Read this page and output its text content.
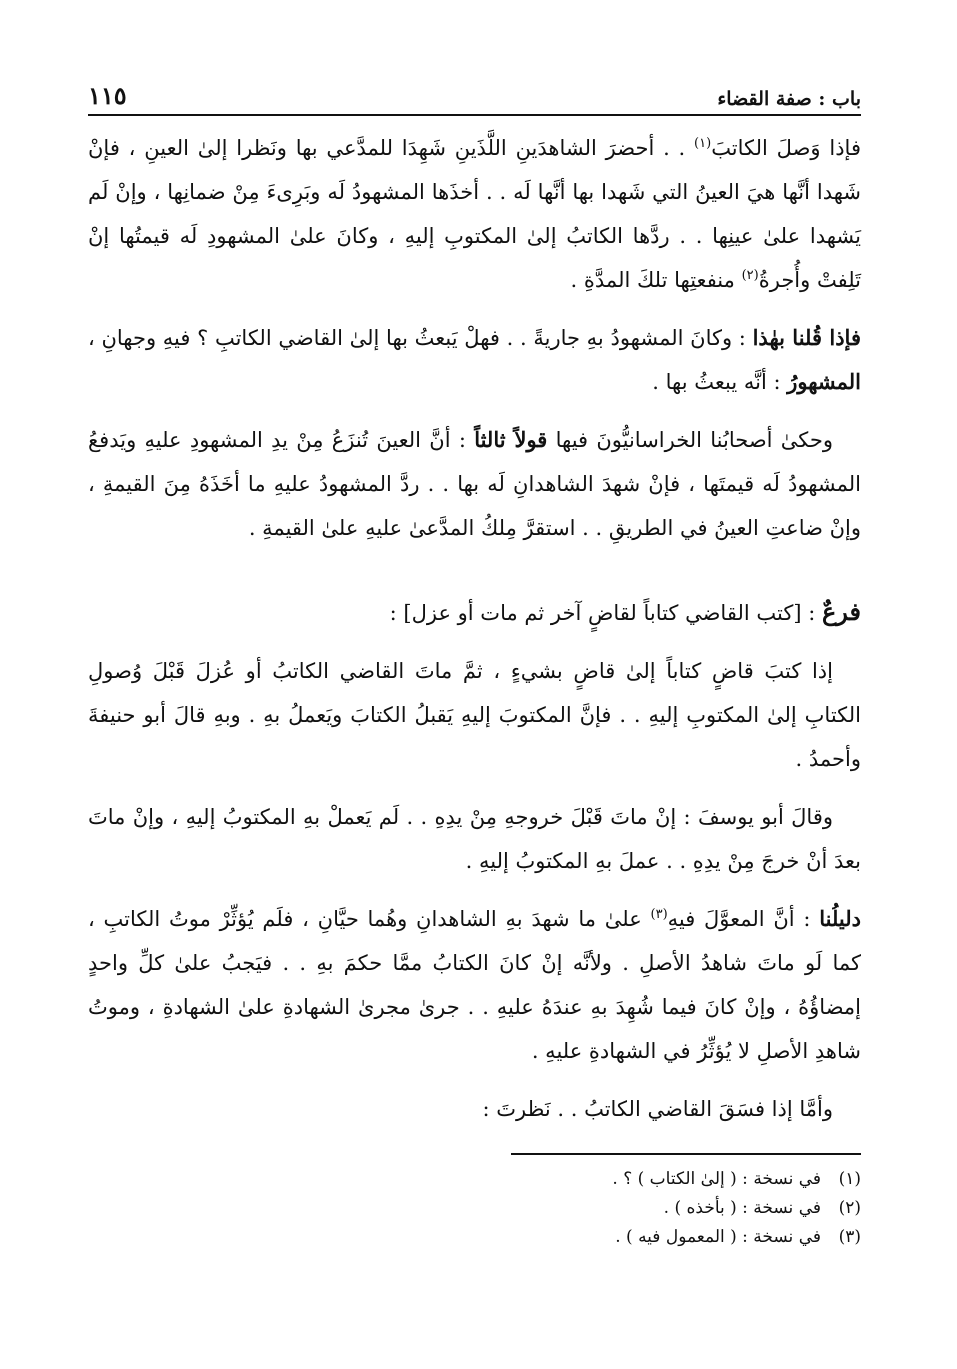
باب : صفة القضاء
١١٥

فإذا وَصلَ الكاتبَ$^{(١)}$ . . أحضرَ الشاهدَينِ اللَّذَينِ شَهِدَا للمدَّعي بها ونَظرا إلىٰ العينِ ، فإنْ شَهدا أنَّها هيَ العينُ التي شَهدا بها أنَّها لَه . . أخذَها المشهودُ لَه وبَرِىءَ مِنْ ضمانِها ، وإنْ لَم يَشهدا علىٰ عينِها . . ردَّها الكاتبُ إلىٰ المكتوبِ إليهِ ، وكانَ علىٰ المشهودِ لَه قيمتُها إنْ تَلِفتْ وأُجرةُ$^{(٢)}$ منفعتِها تلكَ المدَّةِ .

فإذا قُلنا بهٰذا : وكانَ المشهودُ بهِ جاريةً . . فهلْ يَبعثُ بها إلىٰ القاضي الكاتبِ ؟ فيهِ وجهانِ ، المشهورُ : أنَّه يبعثُ بها .

وحكىٰ أصحابُنا الخراسانيُّونَ فيها قولاً ثالثاً : أنَّ العينَ تُنزَعُ مِنْ يدِ المشهودِ عليهِ ويَدفعُ المشهودُ لَه قيمتَها ، فإنْ شهدَ الشاهدانِ لَه بها . . ردَّ المشهودُ عليهِ ما أخَذَهُ مِنَ القيمةِ ، وإنْ ضاعتِ العينُ في الطريقِ . . استقرَّ مِلكُ المدَّعىٰ عليهِ علىٰ القيمةِ .

فرعٌ : [كتب القاضي كتاباً لقاضٍ آخر ثم مات أو عزل] :

إذا كتبَ قاضٍ كتاباً إلىٰ قاضٍ بشيءٍ ، ثمَّ ماتَ القاضي الكاتبُ أو عُزلَ قَبْلَ وُصولِ الكتابِ إلىٰ المكتوبِ إليهِ . . فإنَّ المكتوبَ إليهِ يَقبلُ الكتابَ ويَعملُ بهِ . وبهِ قالَ أبو حنيفةَ وأحمدُ .

وقالَ أبو يوسفَ : إنْ ماتَ قَبْلَ خروجهِ مِنْ يدِهِ . . لَم يَعملْ بهِ المكتوبُ إليهِ ، وإنْ ماتَ بعدَ أنْ خرجَ مِنْ يدِهِ . . عملَ بهِ المكتوبُ إليهِ .

دليلُنا : أنَّ المعوَّلَ فيهِ$^{(٣)}$ علىٰ ما شهدَ بهِ الشاهدانِ وهُما حيَّانِ ، فلَم يُؤثِّرْ موتُ الكاتبِ ، كما لَو ماتَ شاهدُ الأصلِ . ولأنَّه إنْ كانَ الكتابُ ممَّا حكمَ بهِ . . فيَجبُ علىٰ كلِّ واحدٍ إمضاؤُهُ ، وإنْ كانَ فيما شُهِدَ بهِ عندَهُ عليهِ . . جرىٰ مجرىٰ الشهادةِ علىٰ الشهادةِ ، وموتُ شاهدِ الأصلِ لا يُؤثِّرُ في الشهادةِ عليهِ .

وأمَّا إذا فسَقَ القاضي الكاتبُ . . نَظرتَ :

(١)
في نسخة : ( إلىٰ الكتاب ) ؟ .
(٢)
في نسخة : ( بأخذه ) .
(٣)
في نسخة : ( المعمول فيه ) .
